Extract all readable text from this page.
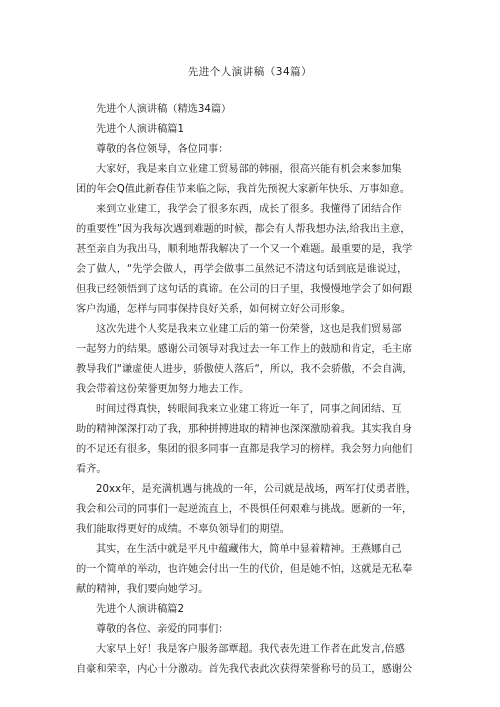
先进个人演讲稿（34篇）
先进个人演讲稿（精选34篇）
先进个人演讲稿篇1
尊敬的各位领导，各位同事：
大家好，我是来自立业建工贸易部的韩丽，很高兴能有机会来参加集
团的年会Q值此新春佳节来临之际，我首先预祝大家新年快乐、万事如意。
来到立业建工，我学会了很多东西，成长了很多。我懂得了团结合作
的重要性”因为我每次遇到难题的时候，都会有人帮我想办法,给我出主意，
甚至亲自为我出马，顺利地帮我解决了一个又一个难题。最重要的是，我学
会了做人，“先学会做人，再学会做事二虽然记不清这句话到底是谁说过，
但我已经领悟到了这句话的真谛。在公司的日子里，我慢慢地学会了如何跟
客户沟通，怎样与同事保持良好关系，如何树立好公司形象。
这次先进个人奖是我来立业建工后的第一份荣誉，这也是我们贸易部
一起努力的结果。感谢公司领导对我过去一年工作上的鼓励和肯定，毛主席
教导我们“谦虚使人进步，骄傲使人落后“，所以，我不会骄傲，不会自满，
我会带着这份荣誉更加努力地去工作。
时间过得真快，转眼间我来立业建工将近一年了，同事之间团结、互
助的精神深深打动了我，那种拼搏进取的精神也深深激励着我。其实我自身
的不足还有很多，集团的很多同事一直都是我学习的榜样。我会努力向他们
看齐。
20xx年，是充满机遇与挑战的一年，公司就是战场，两军打仗勇者胜，
我会和公司的同事们一起逆流直上，不畏惧任何艰难与挑战。愿新的一年，
我们能取得更好的成绩。不辜负领导们的期望。
其实，在生活中就是平凡中蕴藏伟大，简单中显着精神。王燕娜自己
的一个简单的举动，也许她会付出一生的代价，但是她不怕，这就是无私奉
献的精神，我们要向她学习。
先进个人演讲稿篇2
尊敬的各位、亲爱的同事们：
大家早上好！我是客户服务部覃超。我代表先进工作者在此发言,倍感
自豪和荣幸，内心十分激动。首先我代表此次获得荣誉称号的员工，感谢公
